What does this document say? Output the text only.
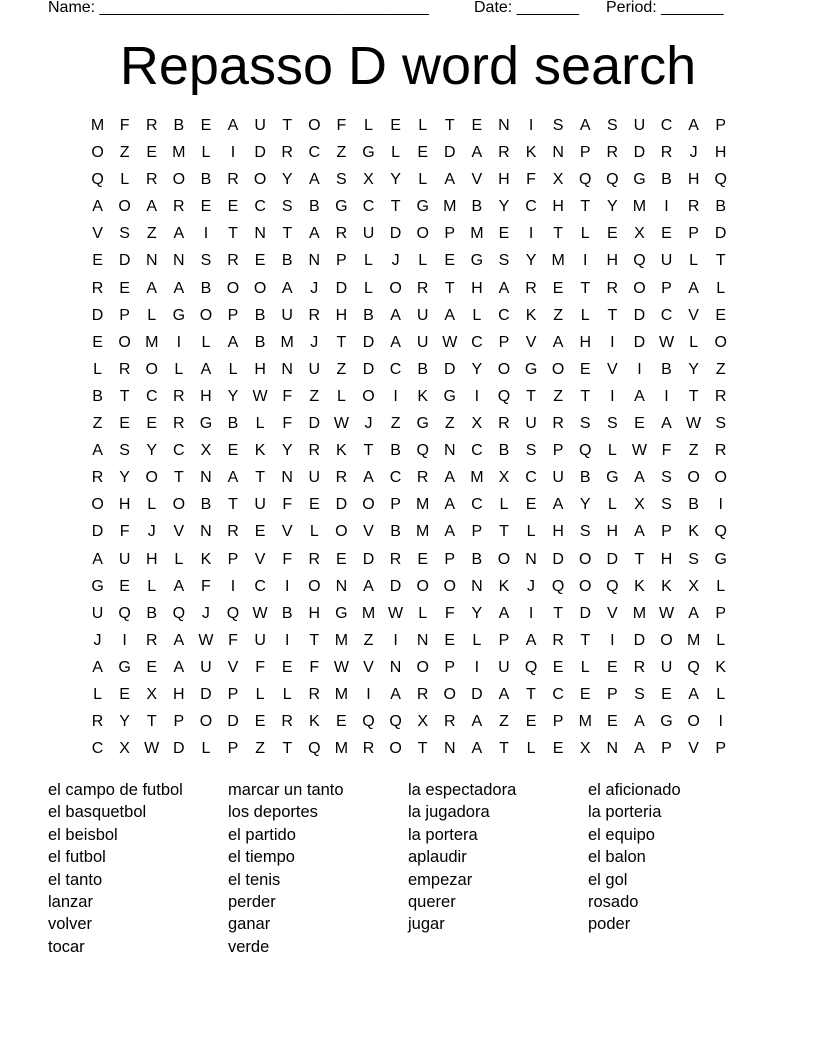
Name: _____________________________________	Date: _______ Period: _______
Repasso D word search
M F	R B	E	A U	T O F	L	E	L	T	E N	I	S	A	S U C A	P
O Z	E M L	I	D R C	Z G	L	E D A R K N P R D R	J	H
Q	L	R O B R O Y	A	S	X	Y	L	A	V H	F	X Q Q G B H Q
A O A R E	E C S	B G C	T G M B	Y C H	T	Y M	I	R B
V	S	Z	A	I	T	N	T	A R U D O P M E	I	T	L	E	X	E	P D
E D N N S R E	B N P	L	J	L	E G S	Y M	I	H Q U	L	T
R E	A	A	B O O A	J	D	L	O R	T	H A R E	T	R O P	A	L
D P	L	G O P	B U R H B	A U A	L	C K	Z	L	T	D C V	E
E O M	I	L	A	B M	J	T	D A U W C P	V	A H	I	D W L	O
L	R O	L	A	L	H N U	Z	D C B D Y O G O E	V	I	B	Y	Z
B	T	C R H Y W F	Z	L	O	I	K G	I	Q T	Z	T	I	A	I	T	R
Z	E	E R G B	L	F	D W J	Z G Z	X R U R S	S	E	A W S
A	S	Y C X	E	K	Y R K	T	B Q N C B	S	P Q	L W F	Z	R
R Y O T	N A	T	N U R A C R A M X C U B G A	S O O
O H	L	O B	T	U	F	E D O P M A C	L	E	A	Y	L	X	S	B	I
D	F	J	V N R E	V	L	O V	B M A	P	T	L	H S H A	P	K Q
A U H	L	K	P	V	F	R E D R E	P	B O N D O D	T	H S G
G E	L	A	F	I	C	I	O N A D O O N K	J	Q O Q K	K	X	L
U Q B Q	J	Q W B H G M W L	F	Y	A	I	T	D V M W A	P
J	I	R A W F	U	I	T M Z	I	N E	L	P	A R	T	I	D O M L
A G E	A U V	F	E	F W V N O P	I	U Q E	L	E R U Q K
L	E	X H D P	L	L	R M	I	A R O D A	T	C E	P	S	E	A	L
R Y	T	P O D E R K	E Q Q X R A	Z	E	P M E	A G O	I
C X W D	L	P	Z	T Q M R O T	N A	T	L	E	X N A	P	V	P
el campo de futbol
el basquetbol
el beisbol
el futbol
el tanto
lanzar
volver
tocar
marcar un tanto
los deportes
el partido
el tiempo
el tenis
perder
ganar
verde
la espectadora
la jugadora
la portera
aplaudir
empezar
querer
jugar
el aficionado
la porteria
el equipo
el balon
el gol
rosado
poder
